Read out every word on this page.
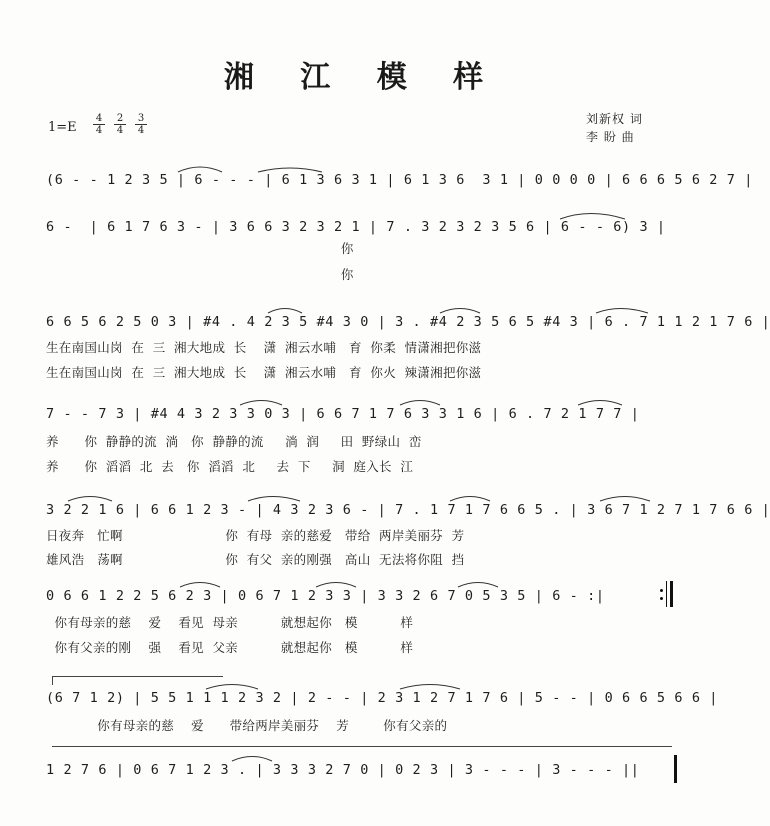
湘 江 模 样
1=E
4
4
2
4
3
4
刘新权 词
李 盼 曲
(6 - - 1 2 3 5 | 6 - - - | 6 1 3 6 3 1 | 6 1 3 6  3 1 | 0 0 0 0 | 6 6 6 5 6 2 7 |
6 -  | 6 1 7 6 3 - | 3 6 6 3 2 3 2 1 | 7 . 3 2 3 2 3 5 6 | 6 - - 6) 3 |
你
你
6 6 5 6 2 5 0 3 | #4 . 4 2 3 5 #4 3 0 | 3 . #4 2 3 5 6 5 #4 3 | 6 . 7 1 1 2 1 7 6 |
生在南国山岗  在  三  湘大地成  长    潇  湘云水哺   育  你柔  情潇湘把你滋
生在南国山岗  在  三  湘大地成  长    潇  湘云水哺   育  你火  辣潇湘把你滋
7 - - 7 3 | #4 4 3 2 3 3 0 3 | 6 6 7 1 7 6 3 3 1 6 | 6 . 7 2 1 7 7 |
养      你  静静的流  淌   你  静静的流     淌  润     田  野绿山  峦
养      你  滔滔  北  去   你  滔滔  北     去  下     洞  庭入长  江
3 2 2 1 6 | 6 6 1 2 3 - | 4 3 2 3 6 - | 7 . 1 7 1 7 6 6 5 . | 3 6 7 1 2 7 1 7 6 6 |
日夜奔   忙啊                        你  有母  亲的慈爱   带给  两岸美丽芬  芳
雄风浩   荡啊                        你  有父  亲的刚强   高山  无法将你阻  挡
0 6 6 1 2 2 5 6 2 3 | 0 6 7 1 2 3 3 | 3 3 2 6 7 0 5 3 5 | 6 - :|
你有母亲的慈    爱    看见  母亲          就想起你   模          样
你有父亲的刚    强    看见  父亲          就想起你   模          样
(6 7 1 2) | 5 5 1 1 1 2 3 2 | 2 - - | 2 3 1 2 7 1 7 6 | 5 - - | 0 6 6 5 6 6 |
你有母亲的慈    爱      带给两岸美丽芬    芳        你有父亲的
1 2 7 6 | 0 6 7 1 2 3 . | 3 3 3 2 7 0 | 0 2 3 | 3 - - - | 3 - - - ||
